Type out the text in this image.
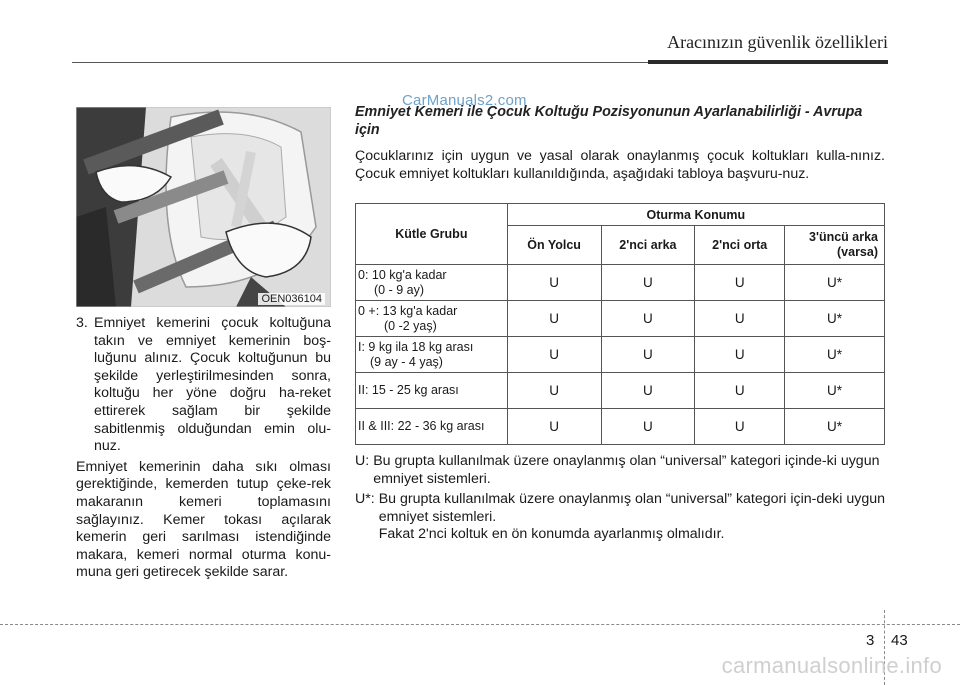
Aracınızın güvenlik özellikleri
CarManuals2.com
OEN036104
3. Emniyet kemerini çocuk koltuğuna takın ve emniyet kemerinin boş-luğunu alınız. Çocuk koltuğunun bu şekilde yerleştirilmesinden sonra, koltuğu her yöne doğru ha-reket ettirerek sağlam bir şekilde sabitlenmiş olduğundan emin olu-nuz.
Emniyet kemerinin daha sıkı olması gerektiğinde, kemerden tutup çeke-rek makaranın kemeri toplamasını sağlayınız. Kemer tokası açılarak kemerin geri sarılması istendiğinde makara, kemeri normal oturma konu-muna geri getirecek şekilde sarar.
Emniyet Kemeri ile Çocuk Koltuğu Pozisyonunun Ayarlanabilirliği - Avrupa için
Çocuklarınız için uygun ve yasal olarak onaylanmış çocuk koltukları kulla-nınız. Çocuk emniyet koltukları kullanıldığında, aşağıdaki tabloya başvuru-nuz.
Kütle Grubu	Oturma Konumu			
	Ön Yolcu	2'nci arka	2'nci orta	3'üncü arka
(varsa)

0: 10 kg'a kadar
(0 - 9 ay)	U	U	U	U*

0 +: 13 kg'a kadar
(0 -2 yaş)	U	U	U	U*

I: 9 kg ila 18 kg arası
(9 ay - 4 yaş)	U	U	U	U*
II: 15 - 25 kg arası	U	U	U	U*
II & III: 22 - 36 kg arası	U	U	U	U*
U: Bu grupta kullanılmak üzere onaylanmış olan “universal” kategori içinde-ki uygun emniyet sistemleri.
U*: Bu grupta kullanılmak üzere onaylanmış olan “universal” kategori için-deki uygun emniyet sistemleri.
Fakat 2'nci koltuk en ön konumda ayarlanmış olmalıdır.
3 43
carmanualsonline.info
